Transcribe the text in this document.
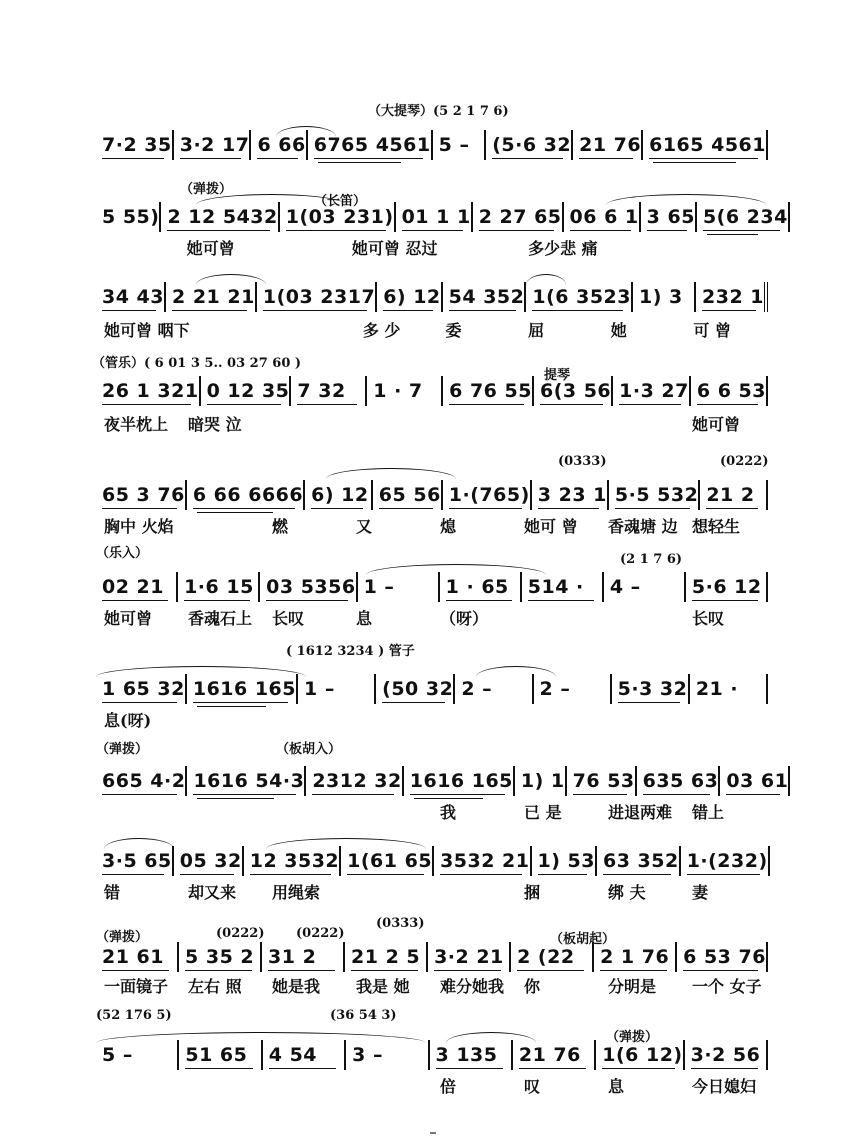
（大提琴）(5 2 1 7 6)
7·2 35 3·2 17 6 66 6765 4561 5 – (5·6 32 21 76 6165 4561
（弹拨）
（长笛）
5 55) 2 12 5432 1(03 231) 01 1 1 2 27 65 06 6 1 3 65 5(6 234
她可曾	她可曾 忍过	多少悲 痛
34 43 2 21 21 1(03 2317 6) 12 54 352 1(6 3523 1) 3 232 1
她可曾 咽下	多 少	委	屈	她	可 曾
（管乐）( 6 01 3 5.. 03 27 60 )
提琴
26 1 321 0 12 35 7 32 1 · 7 6 76 55 6(3 56 1·3 27 6 6 53
夜半枕上	暗哭 泣	她可曾
(0333)	(0222)
65 3 76 6 66 6666 6) 12 65 56 1·(765) 3 23 1 5·5 532 21 2
胸中 火焰	燃	又	熄	她可 曾	香魂塘 边 想轻生
（乐入）	(2 1 7 6)
02 21 1·6 15 03 5356 1 –	1 · 65 514 · 4 –	5·6 12
她可曾	香魂石上	长叹	息	（呀）	长叹
( 1612 3234 ) 管子
1 65 32 1616 165 1 – (50 32 2 – 2 – 5·3 32 21 ·
息(呀)
（弹拨）	（板胡入）
665 4·2 1616 54·3 2312 32 1616 165 1) 1 76 53 635 63 03 61
我	已 是	进退两难	错上
3·5 65 05 32 12 3532 1(61 65 3532 21 1) 53 63 352 1·(232)
错	却又来	用绳索	捆	绑 夫	妻
（弹拨）	(0222) (0222)
(0333)
（板胡起）
21 61 5 35 2 31 2 21 2 5 3·2 21 2 (22 2 1 76 6 53 76
一面镜子	左右 照	她是我	我是 她	难分她我	你	分明是	一个 女子
(52 176 5)	(36 54 3)
（弹拨）
5 –	51 65 4 54 3 –	3 135 21 76 1(6 12) 3·2 56
倍	叹	息	今日媳妇
